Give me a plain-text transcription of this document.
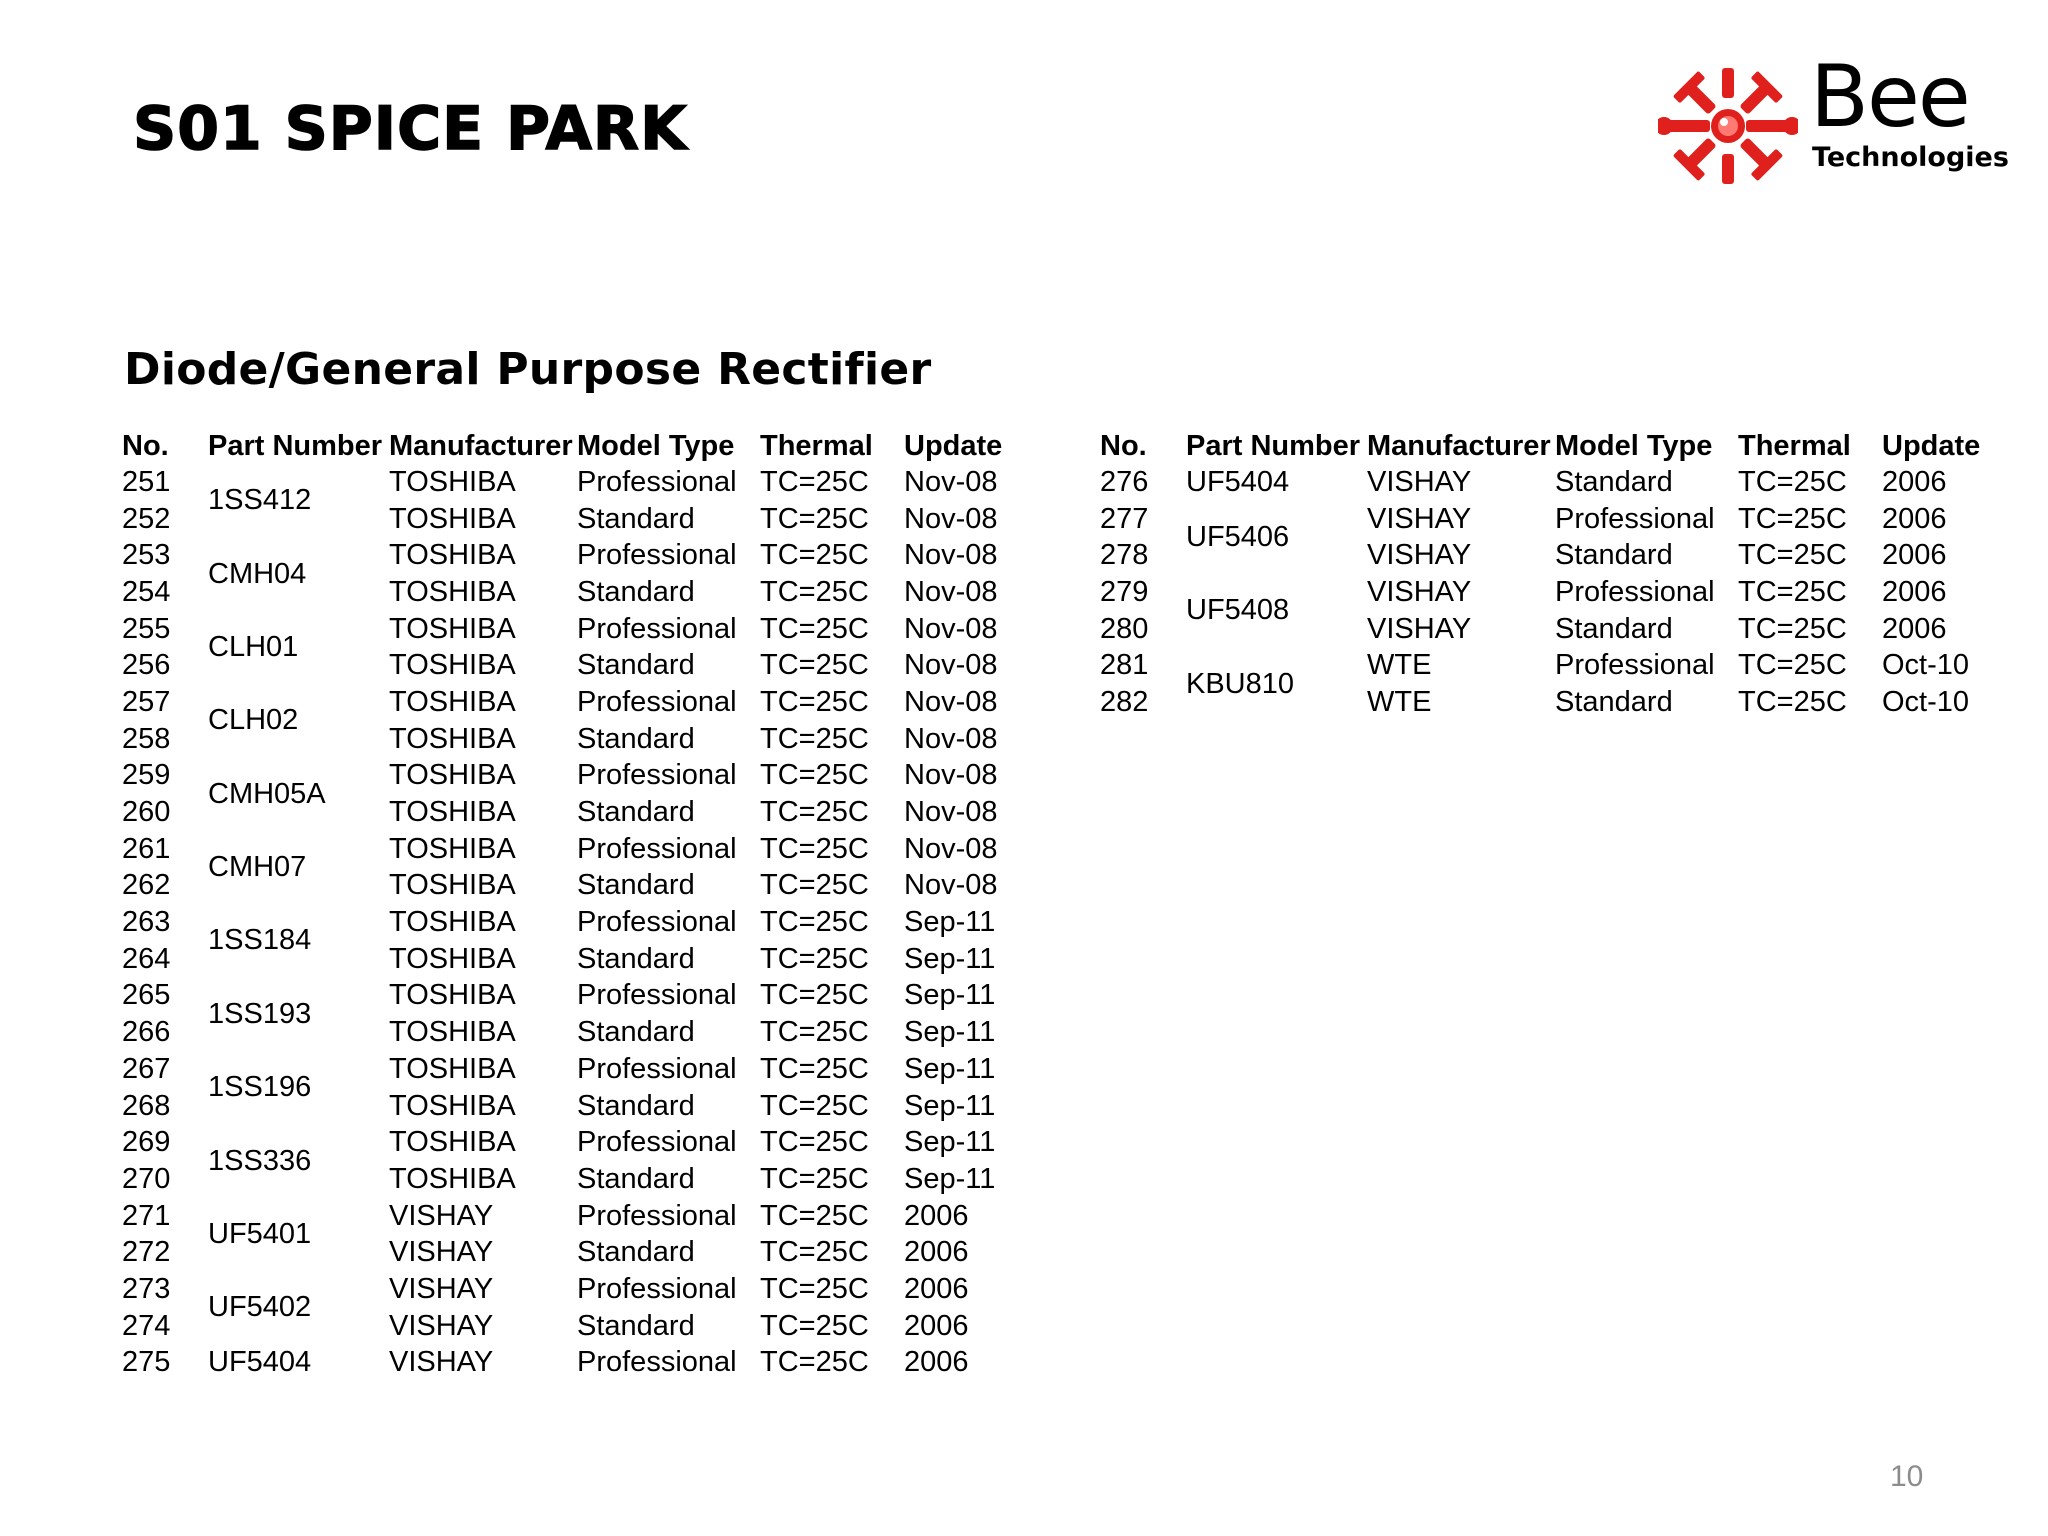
S01 SPICE PARK	Bee
Technologies
Diode/General Purpose Rectifier
No.	Part Number	Manufacturer	Model Type	Thermal	Update
251	1SS412	TOSHIBA	Professional	TC=25C	Nov-08
252		TOSHIBA	Standard	TC=25C	Nov-08
253	CMH04	TOSHIBA	Professional	TC=25C	Nov-08
254		TOSHIBA	Standard	TC=25C	Nov-08
255	CLH01	TOSHIBA	Professional	TC=25C	Nov-08
256		TOSHIBA	Standard	TC=25C	Nov-08
257	CLH02	TOSHIBA	Professional	TC=25C	Nov-08
258		TOSHIBA	Standard	TC=25C	Nov-08
259	CMH05A	TOSHIBA	Professional	TC=25C	Nov-08
260		TOSHIBA	Standard	TC=25C	Nov-08
261	CMH07	TOSHIBA	Professional	TC=25C	Nov-08
262		TOSHIBA	Standard	TC=25C	Nov-08
263	1SS184	TOSHIBA	Professional	TC=25C	Sep-11
264		TOSHIBA	Standard	TC=25C	Sep-11
265	1SS193	TOSHIBA	Professional	TC=25C	Sep-11
266		TOSHIBA	Standard	TC=25C	Sep-11
267	1SS196	TOSHIBA	Professional	TC=25C	Sep-11
268		TOSHIBA	Standard	TC=25C	Sep-11
269	1SS336	TOSHIBA	Professional	TC=25C	Sep-11
270		TOSHIBA	Standard	TC=25C	Sep-11
271	UF5401	VISHAY	Professional	TC=25C	2006
272		VISHAY	Standard	TC=25C	2006
273	UF5402	VISHAY	Professional	TC=25C	2006
274		VISHAY	Standard	TC=25C	2006
275	UF5404	VISHAY	Professional	TC=25C	2006
No.	Part Number	Manufacturer	Model Type	Thermal	Update
276	UF5404	VISHAY	Standard	TC=25C	2006
277	UF5406	VISHAY	Professional	TC=25C	2006
278		VISHAY	Standard	TC=25C	2006
279	UF5408	VISHAY	Professional	TC=25C	2006
280		VISHAY	Standard	TC=25C	2006
281	KBU810	WTE	Professional	TC=25C	Oct-10
282		WTE	Standard	TC=25C	Oct-10
10
